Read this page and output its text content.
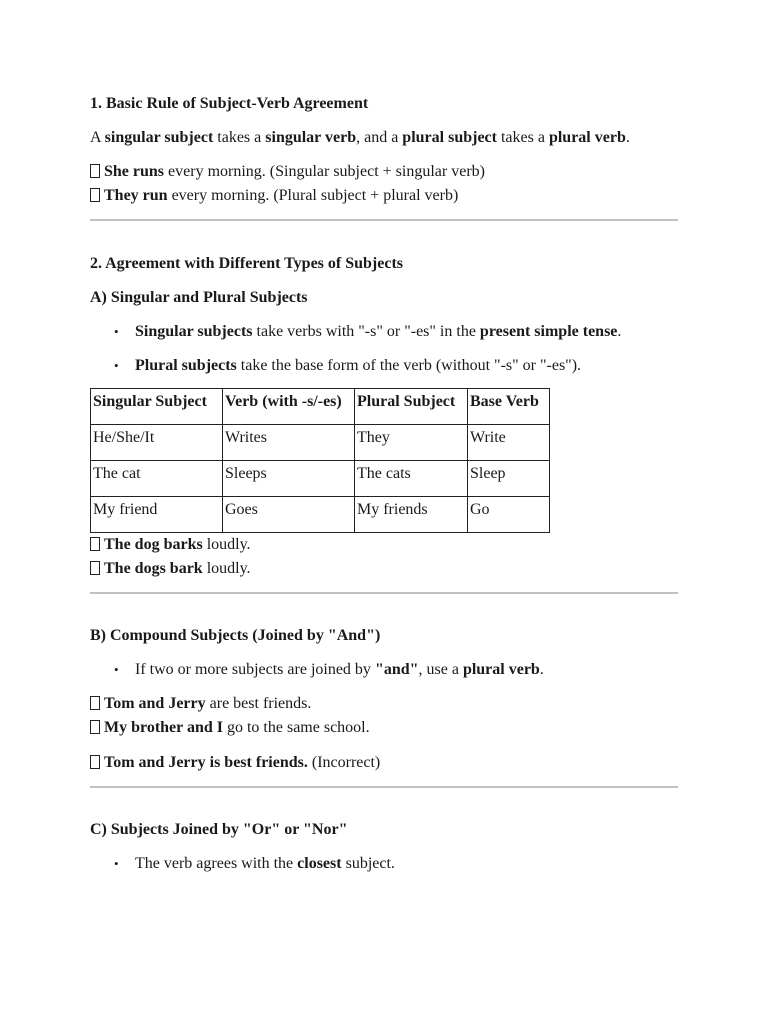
1. Basic Rule of Subject-Verb Agreement

A singular subject takes a singular verb, and a plural subject takes a plural verb.

She runs every morning. (Singular subject + singular verb)
They run every morning. (Plural subject + plural verb)

2. Agreement with Different Types of Subjects
A) Singular and Plural Subjects
• Singular subjects take verbs with "-s" or "-es" in the present simple tense.
• Plural subjects take the base form of the verb (without "-s" or "-es").
Singular Subject	Verb (with -s/-es)	Plural Subject	Base Verb
He/She/It	Writes	They	Write
The cat	Sleeps	The cats	Sleep
My friend	Goes	My friends	Go

The dog barks loudly.
The dogs bark loudly.

B) Compound Subjects (Joined by "And")
• If two or more subjects are joined by "and", use a plural verb.

Tom and Jerry are best friends.
My brother and I go to the same school.

Tom and Jerry is best friends. (Incorrect)

C) Subjects Joined by "Or" or "Nor"
• The verb agrees with the closest subject.
